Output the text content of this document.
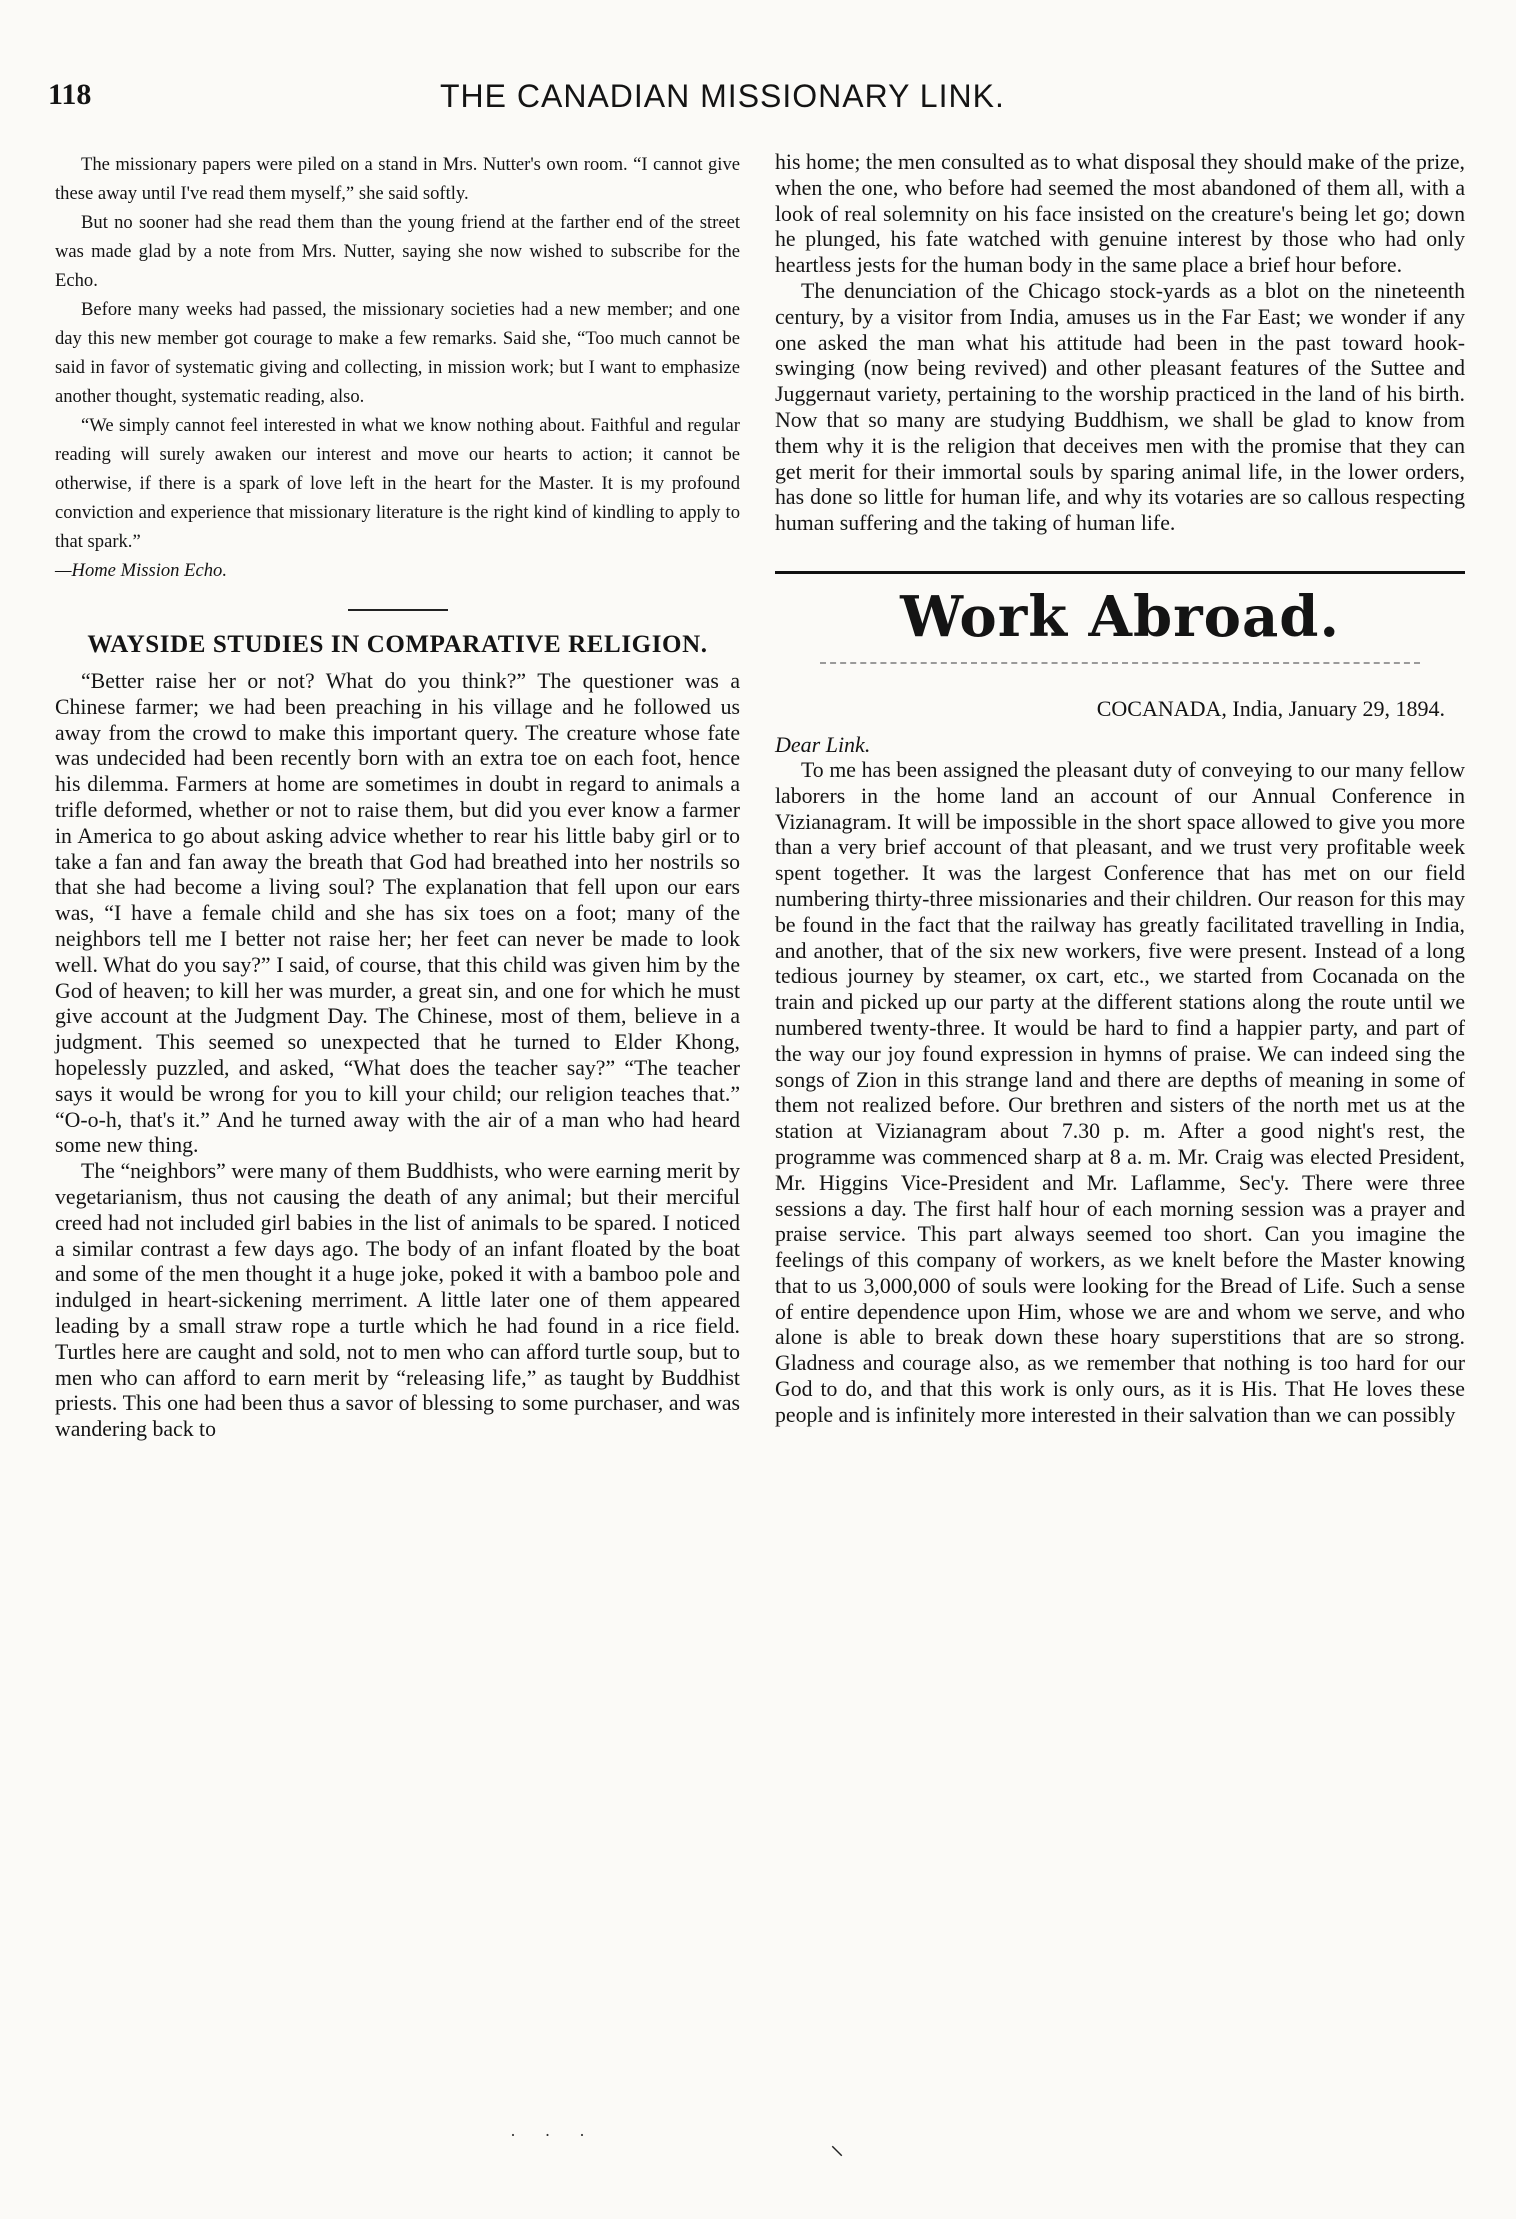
118	THE CANADIAN MISSIONARY LINK.

The missionary papers were piled on a stand in Mrs. Nutter's own room. “I cannot give these away until I've read them myself,” she said softly.

But no sooner had she read them than the young friend at the farther end of the street was made glad by a note from Mrs. Nutter, saying she now wished to subscribe for the Echo.

Before many weeks had passed, the missionary societies had a new member; and one day this new member got courage to make a few remarks. Said she, “Too much cannot be said in favor of systematic giving and collecting, in mission work; but I want to emphasize another thought, systematic reading, also.

“We simply cannot feel interested in what we know nothing about. Faithful and regular reading will surely awaken our interest and move our hearts to action; it cannot be otherwise, if there is a spark of love left in the heart for the Master. It is my profound conviction and experience that missionary literature is the right kind of kindling to apply to that spark.”

—Home Mission Echo.

WAYSIDE STUDIES IN COMPARATIVE RELIGION.

“Better raise her or not? What do you think?” The questioner was a Chinese farmer; we had been preaching in his village and he followed us away from the crowd to make this important query. The creature whose fate was undecided had been recently born with an extra toe on each foot, hence his dilemma. Farmers at home are sometimes in doubt in regard to animals a trifle deformed, whether or not to raise them, but did you ever know a farmer in America to go about asking advice whether to rear his little baby girl or to take a fan and fan away the breath that God had breathed into her nostrils so that she had become a living soul? The explanation that fell upon our ears was, “I have a female child and she has six toes on a foot; many of the neighbors tell me I better not raise her; her feet can never be made to look well. What do you say?” I said, of course, that this child was given him by the God of heaven; to kill her was murder, a great sin, and one for which he must give account at the Judgment Day. The Chinese, most of them, believe in a judgment. This seemed so unexpected that he turned to Elder Khong, hopelessly puzzled, and asked, “What does the teacher say?” “The teacher says it would be wrong for you to kill your child; our religion teaches that.” “O-o-h, that's it.” And he turned away with the air of a man who had heard some new thing.

The “neighbors” were many of them Buddhists, who were earning merit by vegetarianism, thus not causing the death of any animal; but their merciful creed had not included girl babies in the list of animals to be spared. I noticed a similar contrast a few days ago. The body of an infant floated by the boat and some of the men thought it a huge joke, poked it with a bamboo pole and indulged in heart-sickening merriment. A little later one of them appeared leading by a small straw rope a turtle which he had found in a rice field. Turtles here are caught and sold, not to men who can afford turtle soup, but to men who can afford to earn merit by “releasing life,” as taught by Buddhist priests. This one had been thus a savor of blessing to some purchaser, and was wandering back to

his home; the men consulted as to what disposal they should make of the prize, when the one, who before had seemed the most abandoned of them all, with a look of real solemnity on his face insisted on the creature's being let go; down he plunged, his fate watched with genuine interest by those who had only heartless jests for the human body in the same place a brief hour before.

The denunciation of the Chicago stock-yards as a blot on the nineteenth century, by a visitor from India, amuses us in the Far East; we wonder if any one asked the man what his attitude had been in the past toward hook-swinging (now being revived) and other pleasant features of the Suttee and Juggernaut variety, pertaining to the worship practiced in the land of his birth. Now that so many are studying Buddhism, we shall be glad to know from them why it is the religion that deceives men with the promise that they can get merit for their immortal souls by sparing animal life, in the lower orders, has done so little for human life, and why its votaries are so callous respecting human suffering and the taking of human life.

Work Abroad.
COCANADA, India, January 29, 1894.
Dear Link.

To me has been assigned the pleasant duty of conveying to our many fellow laborers in the home land an account of our Annual Conference in Vizianagram. It will be impossible in the short space allowed to give you more than a very brief account of that pleasant, and we trust very profitable week spent together. It was the largest Conference that has met on our field numbering thirty-three missionaries and their children. Our reason for this may be found in the fact that the railway has greatly facilitated travelling in India, and another, that of the six new workers, five were present. Instead of a long tedious journey by steamer, ox cart, etc., we started from Cocanada on the train and picked up our party at the different stations along the route until we numbered twenty-three. It would be hard to find a happier party, and part of the way our joy found expression in hymns of praise. We can indeed sing the songs of Zion in this strange land and there are depths of meaning in some of them not realized before. Our brethren and sisters of the north met us at the station at Vizianagram about 7.30 p. m. After a good night's rest, the programme was commenced sharp at 8 a. m. Mr. Craig was elected President, Mr. Higgins Vice-President and Mr. Laflamme, Sec'y. There were three sessions a day. The first half hour of each morning session was a prayer and praise service. This part always seemed too short. Can you imagine the feelings of this company of workers, as we knelt before the Master knowing that to us 3,000,000 of souls were looking for the Bread of Life. Such a sense of entire dependence upon Him, whose we are and whom we serve, and who alone is able to break down these hoary superstitions that are so strong. Gladness and courage also, as we remember that nothing is too hard for our God to do, and that this work is only ours, as it is His. That He loves these people and is infinitely more interested in their salvation than we can possibly

· · ·	⸜
